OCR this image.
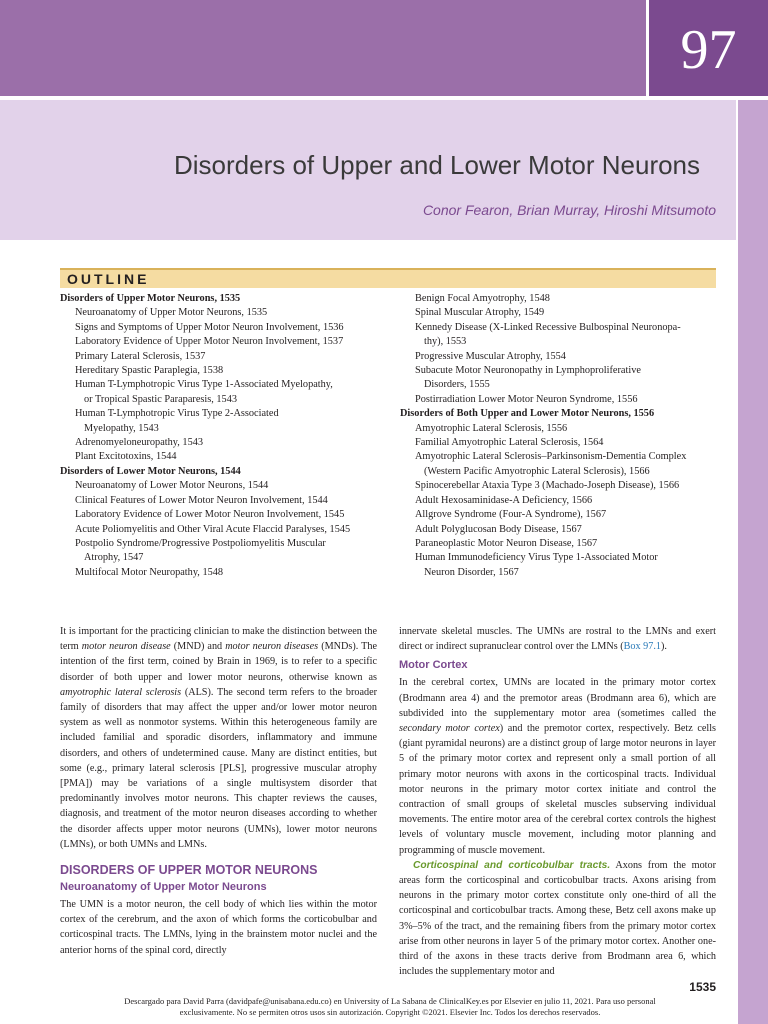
97
Disorders of Upper and Lower Motor Neurons
Conor Fearon, Brian Murray, Hiroshi Mitsumoto
OUTLINE
Disorders of Upper Motor Neurons, 1535
Neuroanatomy of Upper Motor Neurons, 1535
Signs and Symptoms of Upper Motor Neuron Involvement, 1536
Laboratory Evidence of Upper Motor Neuron Involvement, 1537
Primary Lateral Sclerosis, 1537
Hereditary Spastic Paraplegia, 1538
Human T-Lymphotropic Virus Type 1-Associated Myelopathy,
or Tropical Spastic Paraparesis, 1543
Human T-Lymphotropic Virus Type 2-Associated
Myelopathy, 1543
Adrenomyeloneuropathy, 1543
Plant Excitotoxins, 1544
Disorders of Lower Motor Neurons, 1544
Neuroanatomy of Lower Motor Neurons, 1544
Clinical Features of Lower Motor Neuron Involvement, 1544
Laboratory Evidence of Lower Motor Neuron Involvement, 1545
Acute Poliomyelitis and Other Viral Acute Flaccid Paralyses, 1545
Postpolio Syndrome/Progressive Postpoliomyelitis Muscular
Atrophy, 1547
Multifocal Motor Neuropathy, 1548
Benign Focal Amyotrophy, 1548
Spinal Muscular Atrophy, 1549
Kennedy Disease (X-Linked Recessive Bulbospinal Neuronopa-
thy), 1553
Progressive Muscular Atrophy, 1554
Subacute Motor Neuronopathy in Lymphoproliferative
Disorders, 1555
Postirradiation Lower Motor Neuron Syndrome, 1556
Disorders of Both Upper and Lower Motor Neurons, 1556
Amyotrophic Lateral Sclerosis, 1556
Familial Amyotrophic Lateral Sclerosis, 1564
Amyotrophic Lateral Sclerosis–Parkinsonism-Dementia Complex
(Western Pacific Amyotrophic Lateral Sclerosis), 1566
Spinocerebellar Ataxia Type 3 (Machado-Joseph Disease), 1566
Adult Hexosaminidase-A Deficiency, 1566
Allgrove Syndrome (Four-A Syndrome), 1567
Adult Polyglucosan Body Disease, 1567
Paraneoplastic Motor Neuron Disease, 1567
Human Immunodeficiency Virus Type 1-Associated Motor
Neuron Disorder, 1567

It is important for the practicing clinician to make the distinction between the term motor neuron disease (MND) and motor neuron diseases (MNDs). The intention of the first term, coined by Brain in 1969, is to refer to a specific disorder of both upper and lower motor neurons, otherwise known as amyotrophic lateral sclerosis (ALS). The second term refers to the broader family of disorders that may affect the upper and/or lower motor neuron system as well as nonmotor systems. Within this heterogeneous family are included familial and sporadic disorders, inflammatory and immune disorders, and others of undetermined cause. Many are distinct entities, but some (e.g., primary lateral sclerosis [PLS], progressive muscular atrophy [PMA]) may be variations of a single multisystem disorder that predominantly involves motor neurons. This chapter reviews the causes, diagnosis, and treatment of the motor neuron diseases according to whether the disorder affects upper motor neurons (UMNs), lower motor neurons (LMNs), or both UMNs and LMNs.

DISORDERS OF UPPER MOTOR NEURONS
Neuroanatomy of Upper Motor Neurons

The UMN is a motor neuron, the cell body of which lies within the motor cortex of the cerebrum, and the axon of which forms the corticobulbar and corticospinal tracts. The LMNs, lying in the brainstem motor nuclei and the anterior horns of the spinal cord, directly

innervate skeletal muscles. The UMNs are rostral to the LMNs and exert direct or indirect supranuclear control over the LMNs (Box 97.1).

Motor Cortex

In the cerebral cortex, UMNs are located in the primary motor cortex (Brodmann area 4) and the premotor areas (Brodmann area 6), which are subdivided into the supplementary motor area (sometimes called the secondary motor cortex) and the premotor cortex, respectively. Betz cells (giant pyramidal neurons) are a distinct group of large motor neurons in layer 5 of the primary motor cortex and represent only a small portion of all primary motor neurons with axons in the corticospinal tracts. Individual motor neurons in the primary motor cortex initiate and control the contraction of small groups of skeletal muscles subserving individual movements. The entire motor area of the cerebral cortex controls the highest levels of voluntary muscle movement, including motor planning and programming of muscle movement.

Corticospinal and corticobulbar tracts. Axons from the motor areas form the corticospinal and corticobulbar tracts. Axons arising from neurons in the primary motor cortex constitute only one-third of all the corticospinal and corticobulbar tracts. Among these, Betz cell axons make up 3%–5% of the tract, and the remaining fibers from the primary motor cortex arise from other neurons in layer 5 of the primary motor cortex. Another one-third of the axons in these tracts derive from Brodmann area 6, which includes the supplementary motor and

1535
Descargado para David Parra (davidpafe@unisabana.edu.co) en University of La Sabana de ClinicalKey.es por Elsevier en julio 11, 2021. Para uso personal exclusivamente. No se permiten otros usos sin autorización. Copyright ©2021. Elsevier Inc. Todos los derechos reservados.
